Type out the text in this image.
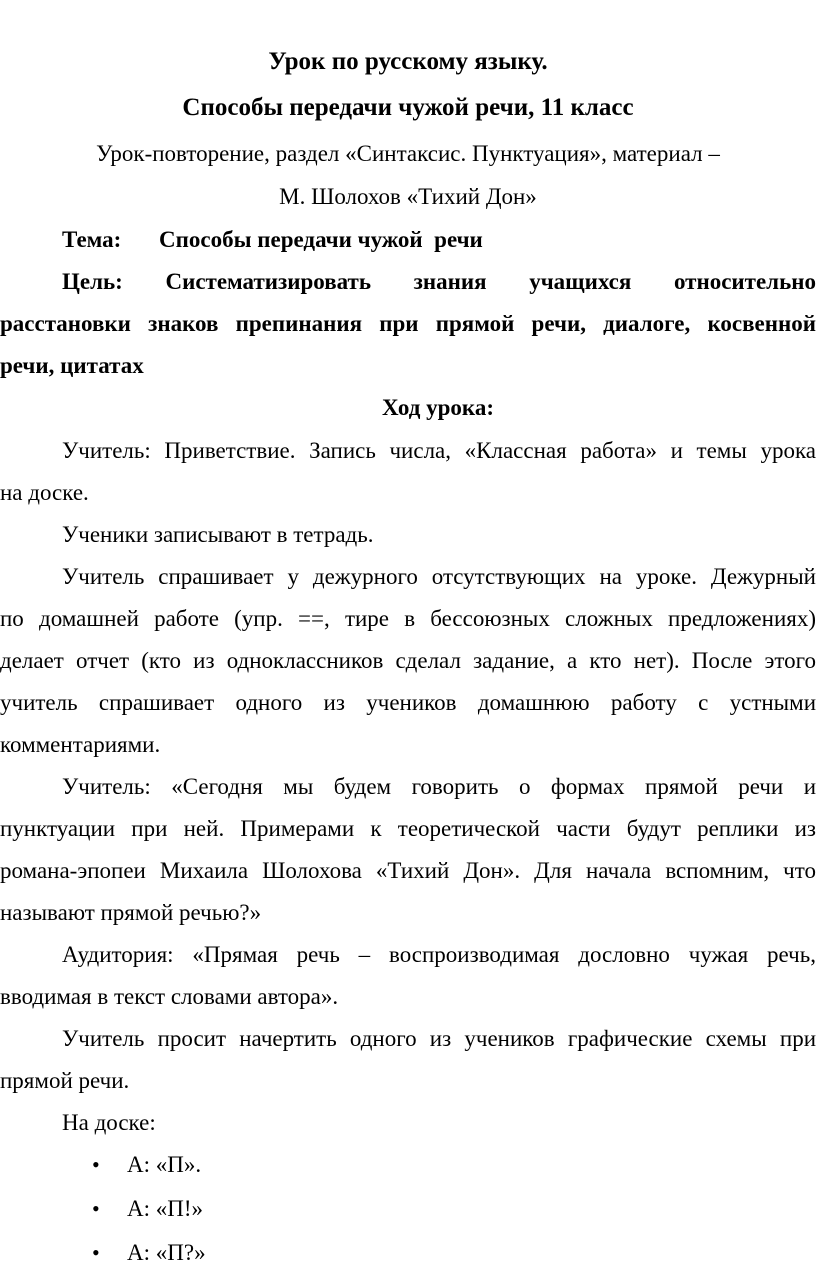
Урок по русскому языку.
Способы передачи чужой речи, 11 класс
Урок-повторение, раздел «Синтаксис. Пунктуация», материал –
М. Шолохов «Тихий Дон»
Тема: Способы передачи чужой  речи
Цель: Систематизировать знания учащихся относительно
расстановки знаков препинания при прямой речи, диалоге, косвенной
речи, цитатах
Ход урока:
Учитель: Приветствие. Запись числа, «Классная работа» и темы урока
на доске.
Ученики записывают в тетрадь.
Учитель спрашивает у дежурного отсутствующих на уроке. Дежурный
по домашней работе (упр. ==, тире в бессоюзных сложных предложениях)
делает отчет (кто из одноклассников сделал задание, а кто нет). После этого
учитель спрашивает одного из учеников домашнюю работу с устными
комментариями.
Учитель: «Сегодня мы будем говорить о формах прямой речи и
пунктуации при ней. Примерами к теоретической части будут реплики из
романа-эпопеи Михаила Шолохова «Тихий Дон». Для начала вспомним, что
называют прямой речью?»
Аудитория: «Прямая речь – воспроизводимая дословно чужая речь,
вводимая в текст словами автора».
Учитель просит начертить одного из учеников графические схемы при
прямой речи.
На доске:
• А: «П».
• А: «П!»
• А: «П?»
